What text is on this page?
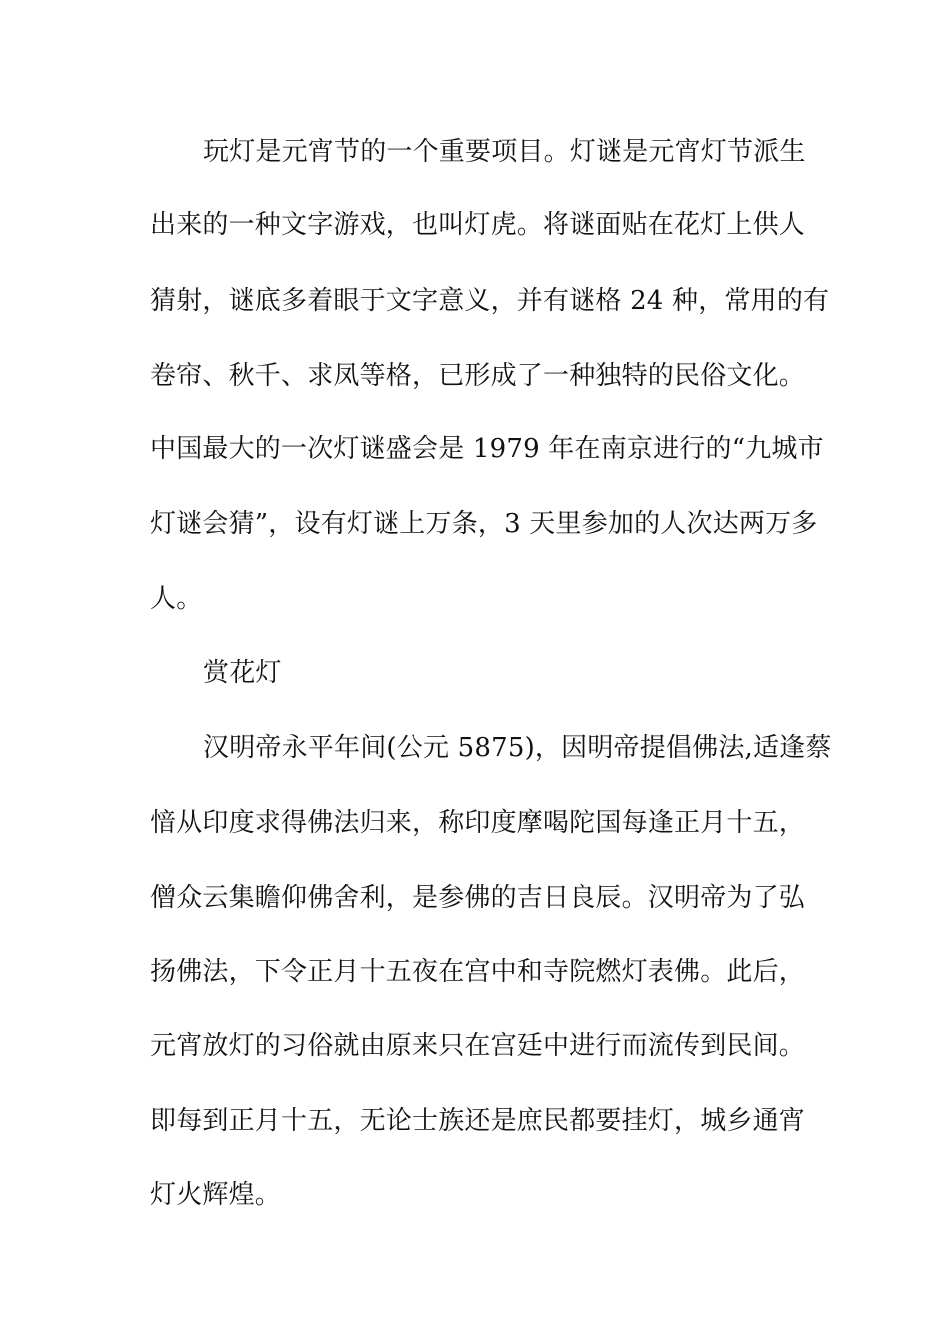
玩灯是元宵节的一个重要项目。灯谜是元宵灯节派生
出来的一种文字游戏，也叫灯虎。将谜面贴在花灯上供人
猜射，谜底多着眼于文字意义，并有谜格 24 种，常用的有
卷帘、秋千、求凤等格，已形成了一种独特的民俗文化。
中国最大的一次灯谜盛会是 1979 年在南京进行的“九城市
灯谜会猜”，设有灯谜上万条，3 天里参加的人次达两万多
人。
赏花灯
汉明帝永平年间(公元 5875)，因明帝提倡佛法,适逢蔡
愔从印度求得佛法归来，称印度摩喝陀国每逢正月十五，
僧众云集瞻仰佛舍利，是参佛的吉日良辰。汉明帝为了弘
扬佛法，下令正月十五夜在宫中和寺院燃灯表佛。此后，
元宵放灯的习俗就由原来只在宫廷中进行而流传到民间。
即每到正月十五，无论士族还是庶民都要挂灯，城乡通宵
灯火辉煌。
